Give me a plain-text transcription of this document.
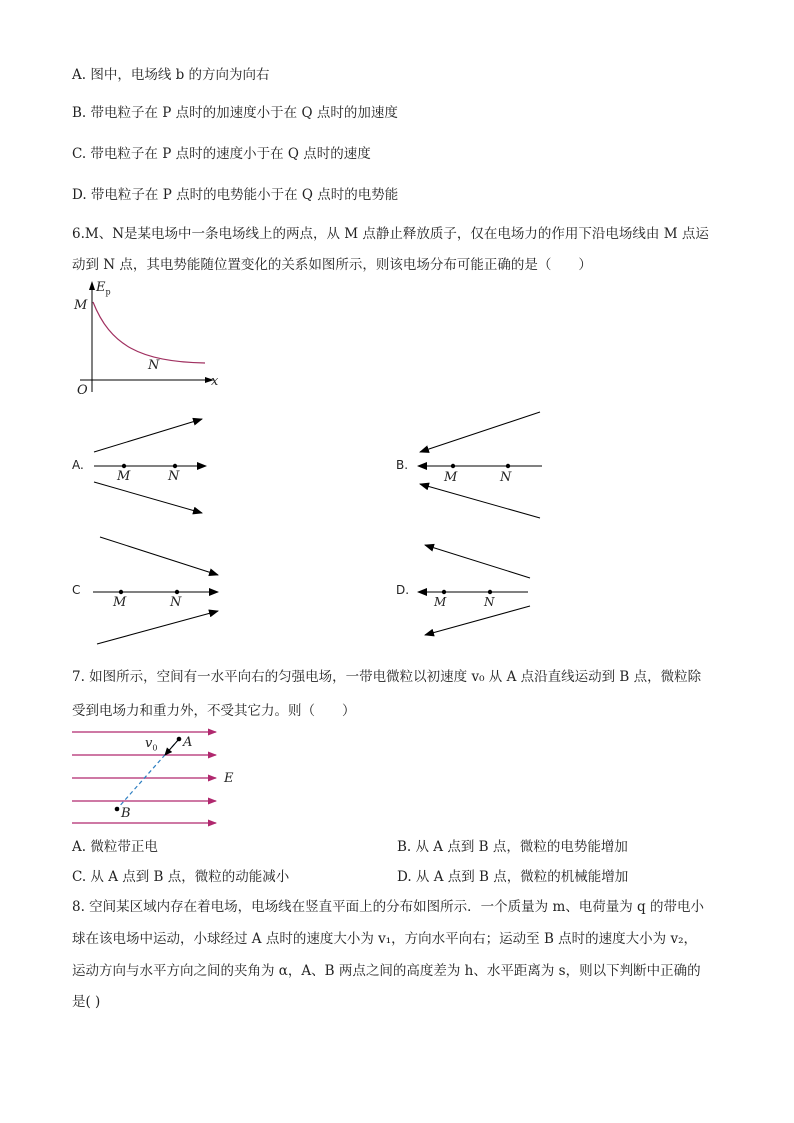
A. 图中，电场线 b 的方向为向右
B. 带电粒子在 P 点时的加速度小于在 Q 点时的加速度
C. 带电粒子在 P 点时的速度小于在 Q 点时的速度
D. 带电粒子在 P 点时的电势能小于在 Q 点时的电势能
6.M、N是某电场中一条电场线上的两点，从 M 点静止释放质子，仅在电场力的作用下沿电场线由 M 点运
动到 N 点，其电势能随位置变化的关系如图所示，则该电场分布可能正确的是（　　）
$E_p$
M
N
x
O
A.
M	N
B.
M	N
C
M	N
D.
M	N
7. 如图所示，空间有一水平向右的匀强电场，一带电微粒以初速度 v₀ 从 A 点沿直线运动到 B 点，微粒除
受到电场力和重力外，不受其它力。则（　　）
$v_0$ A
B
E
A. 微粒带正电	B. 从 A 点到 B 点，微粒的电势能增加
C. 从 A 点到 B 点，微粒的动能减小	D. 从 A 点到 B 点，微粒的机械能增加
8. 空间某区域内存在着电场，电场线在竖直平面上的分布如图所示．一个质量为 m、电荷量为 q 的带电小
球在该电场中运动，小球经过 A 点时的速度大小为 v₁，方向水平向右；运动至 B 点时的速度大小为 v₂，
运动方向与水平方向之间的夹角为 α，A、B 两点之间的高度差为 h、水平距离为 s，则以下判断中正确的
是( )
